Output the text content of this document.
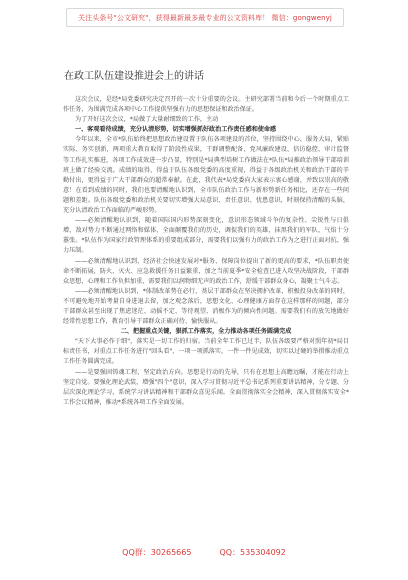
关注头条号"公文研究"，获得最新最多最专业的公文资料库！ 微信：gongwenyj
在政工队伍建设推进会上的讲话

这次会议，是经*局党委研究决定召开的一次十分重要的会议。主研究部署当前和今后一个时期重点工作任务，为围满完成各项中心工作提供坚强有力的思想保证和政治保证。

为了开好这次会议，*局做了大量耐细致的工作，主动

一、客观看待成绩，充分认清形势，切实增强抓好政治工作责任感和使命感

今年以来，全市*队伍始终把思想政治建设置于队伍各项建设的首位，坚持围绕中心、服务大局，紧贴实际、务实创新，两项重大教育取得了阶段性成果，干群调整配备、党风廉政建设、信访稳控、审计监督等工作扎实推进，各项工作成效进一步凸显，特别是*局典型培树工作做法在*队伍*局推政治领导干部培训班上做了经验交流。成绩的取得，得益于队伍各级党委的高度重视，得益于各级政治机关和政治干部的辛勤付出，更得益于广大干部群众的超常奉献。在此，我代表*局党委向大家表示衷心感谢，并致以崇高的敬意！在看到成绩的同时，我们也要清醒地认识到，全市队伍政治工作与新形势新任务相比，还存在一些问题和差距。队伍各级党委和政治机关要切实增强大局意识、责任意识、忧患意识，时刻保持清醒的头脑，充分认清政治工作面临的严峻形势。

——必须清醒地认识到，随着国际国内形势深刻变化，意识形态领域斗争的复杂性、尖锐性与日俱增，敌对势力不断通过网络和媒体，全面颠覆我们的历史，调侃我们的英雄，抹黑我们的军队，气焰十分嚣张。*队伍作为国家行政管理体系的重要组成部分，需要我们以强有力的政治工作为之进行正面对抗、强力压制。

——必须清醒地认识到，经济社会快速发展对*服务、保障岗位提出了新的更高的要求，*队伍职责使命不断拓展，防火、灭火、应急救援任务日益繁重，加之当前夏季*安全检查已进入攻坚决战阶段，干部群众思想，心理和工作负担加重，需要我们以润物细无声的政治工作，舒缓干部群众身心，凝聚士气斗志。

——必须清醒地认识到，*体制改革势在必行，基层干部群众在坚决拥护改革、积极投身改革的同时，不可避免地开始考量自身进退去留，加之观念落后，思想文化、心理健康方面存在这样那样的问题，部分干部群众甚至出现了焦虑迷茫、动摇不定、等待观望、消极作为的倾向性问题。需要我们有的放矢地做好经常性思想工作，教育引导干部群众正确对待、愉快服从。

二、把握重点关键，狠抓工作落实，全力推动各项任务圆满完成

"天下大事必作于细"，落实是一切工作的归宿。当前全年工作已过半，队伍各级要严格对照年初*局目标责任书，对重点工作任务进行"回头看"，一项一项抓落实，一件一件见成效，切实以过硬的举措推动重点工作任务圆满完成。

——是要强固铸魂工程，坚定政治方向。思想是行动的先导，只有在思想上高瞻远瞩，才能在行动上坚定自觉。要强化理论武装，增强"四个"意识，深入学习贯彻习近平总书记系列重要讲话精神，分专题、分层次深化理论学习，系统学习讲话精神和干部群众喜见乐闻。全面贯彻落实全会精神，深入贯彻落实安全*工作会议精神，推动*系统各项工作全面发展。

QQ群：30265665	QQ：535304092
